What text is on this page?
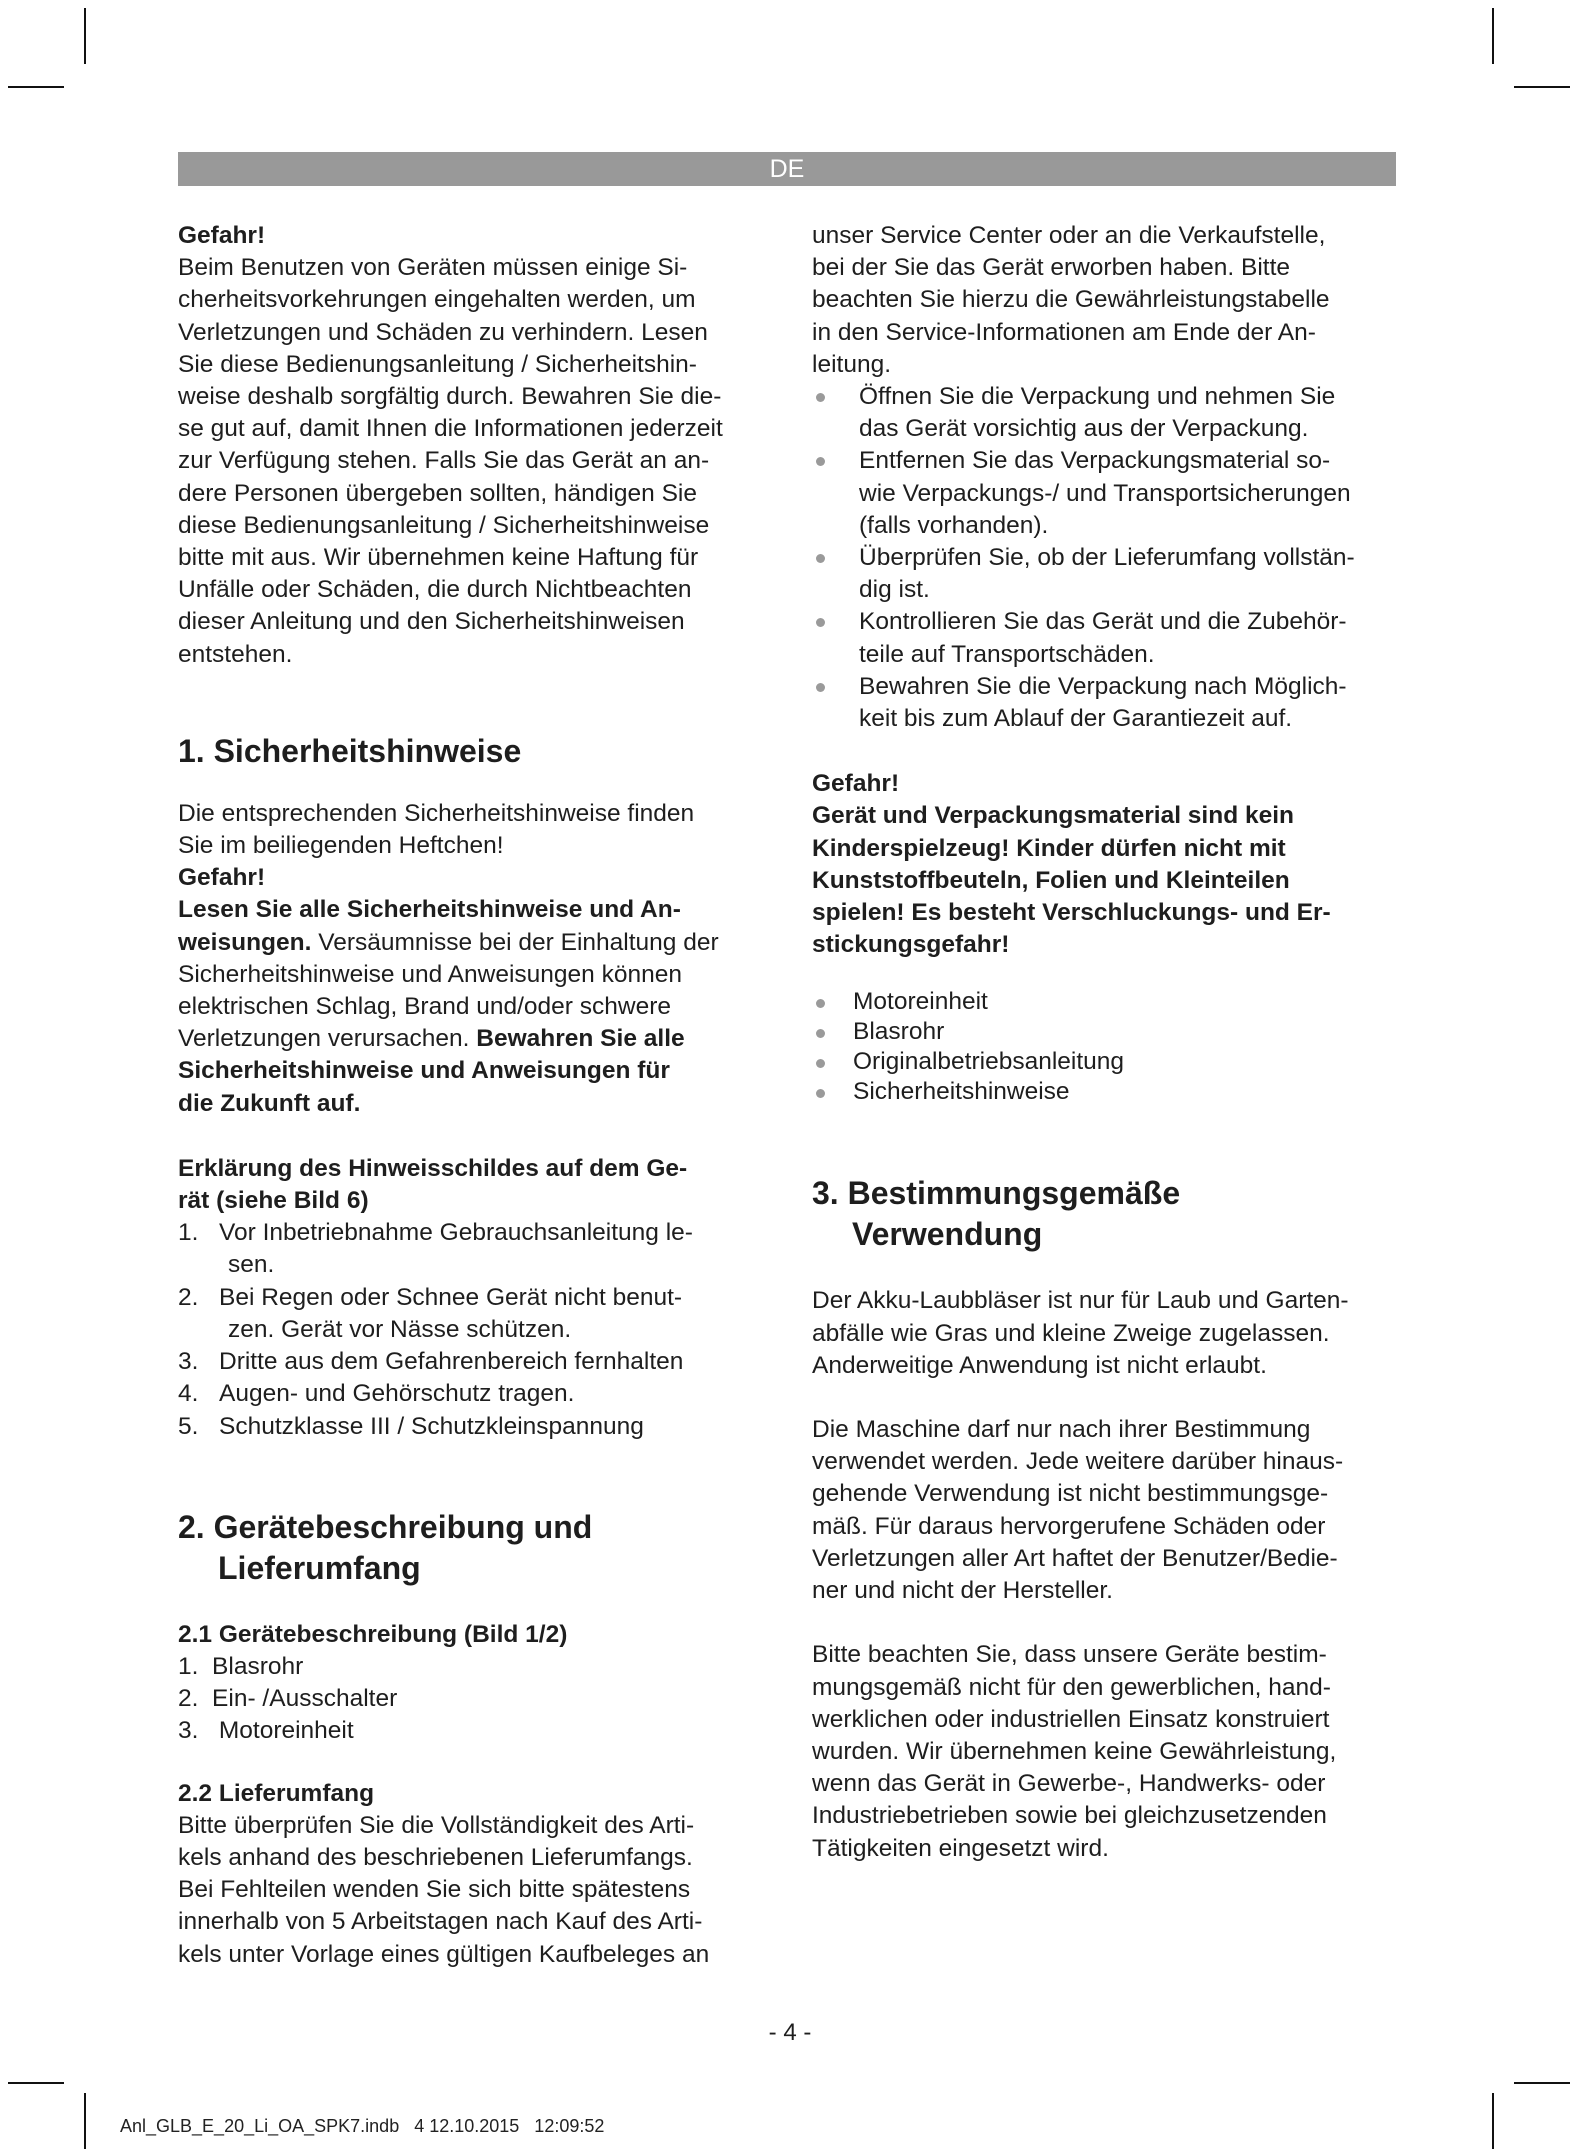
DE

Gefahr!

Beim Benutzen von Geräten müssen einige Si-

cherheitsvorkehrungen eingehalten werden, um

Verletzungen und Schäden zu verhindern. Lesen

Sie diese Bedienungsanleitung / Sicherheitshin-

weise deshalb sorgfältig durch. Bewahren Sie die-

se gut auf, damit Ihnen die Informationen jederzeit

zur Verfügung stehen. Falls Sie das Gerät an an-

dere Personen übergeben sollten, händigen Sie

diese Bedienungsanleitung / Sicherheitshinweise

bitte mit aus. Wir übernehmen keine Haftung für

Unfälle oder Schäden, die durch Nichtbeachten

dieser Anleitung und den Sicherheitshinweisen

entstehen.

1. Sicherheitshinweise

Die entsprechenden Sicherheitshinweise finden

Sie im beiliegenden Heftchen!

Gefahr!

Lesen Sie alle Sicherheitshinweise und An-

weisungen. Versäumnisse bei der Einhaltung der

Sicherheitshinweise und Anweisungen können

elektrischen Schlag, Brand und/oder schwere

Verletzungen verursachen. Bewahren Sie alle

Sicherheitshinweise und Anweisungen für

die Zukunft auf.

Erklärung des Hinweisschildes auf dem Ge-

rät (siehe Bild 6)

1. Vor Inbetriebnahme Gebrauchsanleitung le-
sen.
2. Bei Regen oder Schnee Gerät nicht benut-
zen. Gerät vor Nässe schützen.
3. Dritte aus dem Gefahrenbereich fernhalten
4. Augen- und Gehörschutz tragen.
5. Schutzklasse III / Schutzkleinspannung
2. Gerätebeschreibung und
Lieferumfang

2.1 Gerätebeschreibung (Bild 1/2)

1.  Blasrohr

2.  Ein- /Ausschalter

3.   Motoreinheit

2.2 Lieferumfang

Bitte überprüfen Sie die Vollständigkeit des Arti-

kels anhand des beschriebenen Lieferumfangs.

Bei Fehlteilen wenden Sie sich bitte spätestens

innerhalb von 5 Arbeitstagen nach Kauf des Arti-

kels unter Vorlage eines gültigen Kaufbeleges an

unser Service Center oder an die Verkaufstelle,

bei der Sie das Gerät erworben haben. Bitte

beachten Sie hierzu die Gewährleistungstabelle

in den Service-Informationen am Ende der An-

leitung.

Öffnen Sie die Verpackung und nehmen Sie
das Gerät vorsichtig aus der Verpackung.
Entfernen Sie das Verpackungsmaterial so-
wie Verpackungs-/ und Transportsicherungen
(falls vorhanden).
Überprüfen Sie, ob der Lieferumfang vollstän-
dig ist.
Kontrollieren Sie das Gerät und die Zubehör-
teile auf Transportschäden.
Bewahren Sie die Verpackung nach Möglich-
keit bis zum Ablauf der Garantiezeit auf.

Gefahr!

Gerät und Verpackungsmaterial sind kein

Kinderspielzeug! Kinder dürfen nicht mit

Kunststoffbeuteln, Folien und Kleinteilen

spielen! Es besteht Verschluckungs- und Er-

stickungsgefahr!

Motoreinheit
Blasrohr
Originalbetriebsanleitung
Sicherheitshinweise
3. Bestimmungsgemäße
Verwendung

Der Akku-Laubbläser ist nur für Laub und Garten-

abfälle wie Gras und kleine Zweige zugelassen.

Anderweitige Anwendung ist nicht erlaubt.

Die Maschine darf nur nach ihrer Bestimmung

verwendet werden. Jede weitere darüber hinaus-

gehende Verwendung ist nicht bestimmungsge-

mäß. Für daraus hervorgerufene Schäden oder

Verletzungen aller Art haftet der Benutzer/Bedie-

ner und nicht der Hersteller.

Bitte beachten Sie, dass unsere Geräte bestim-

mungsgemäß nicht für den gewerblichen, hand-

werklichen oder industriellen Einsatz konstruiert

wurden. Wir übernehmen keine Gewährleistung,

wenn das Gerät in Gewerbe-, Handwerks- oder

Industriebetrieben sowie bei gleichzusetzenden

Tätigkeiten eingesetzt wird.

- 4 -
Anl_GLB_E_20_Li_OA_SPK7.indb   4 12.10.2015   12:09:52
